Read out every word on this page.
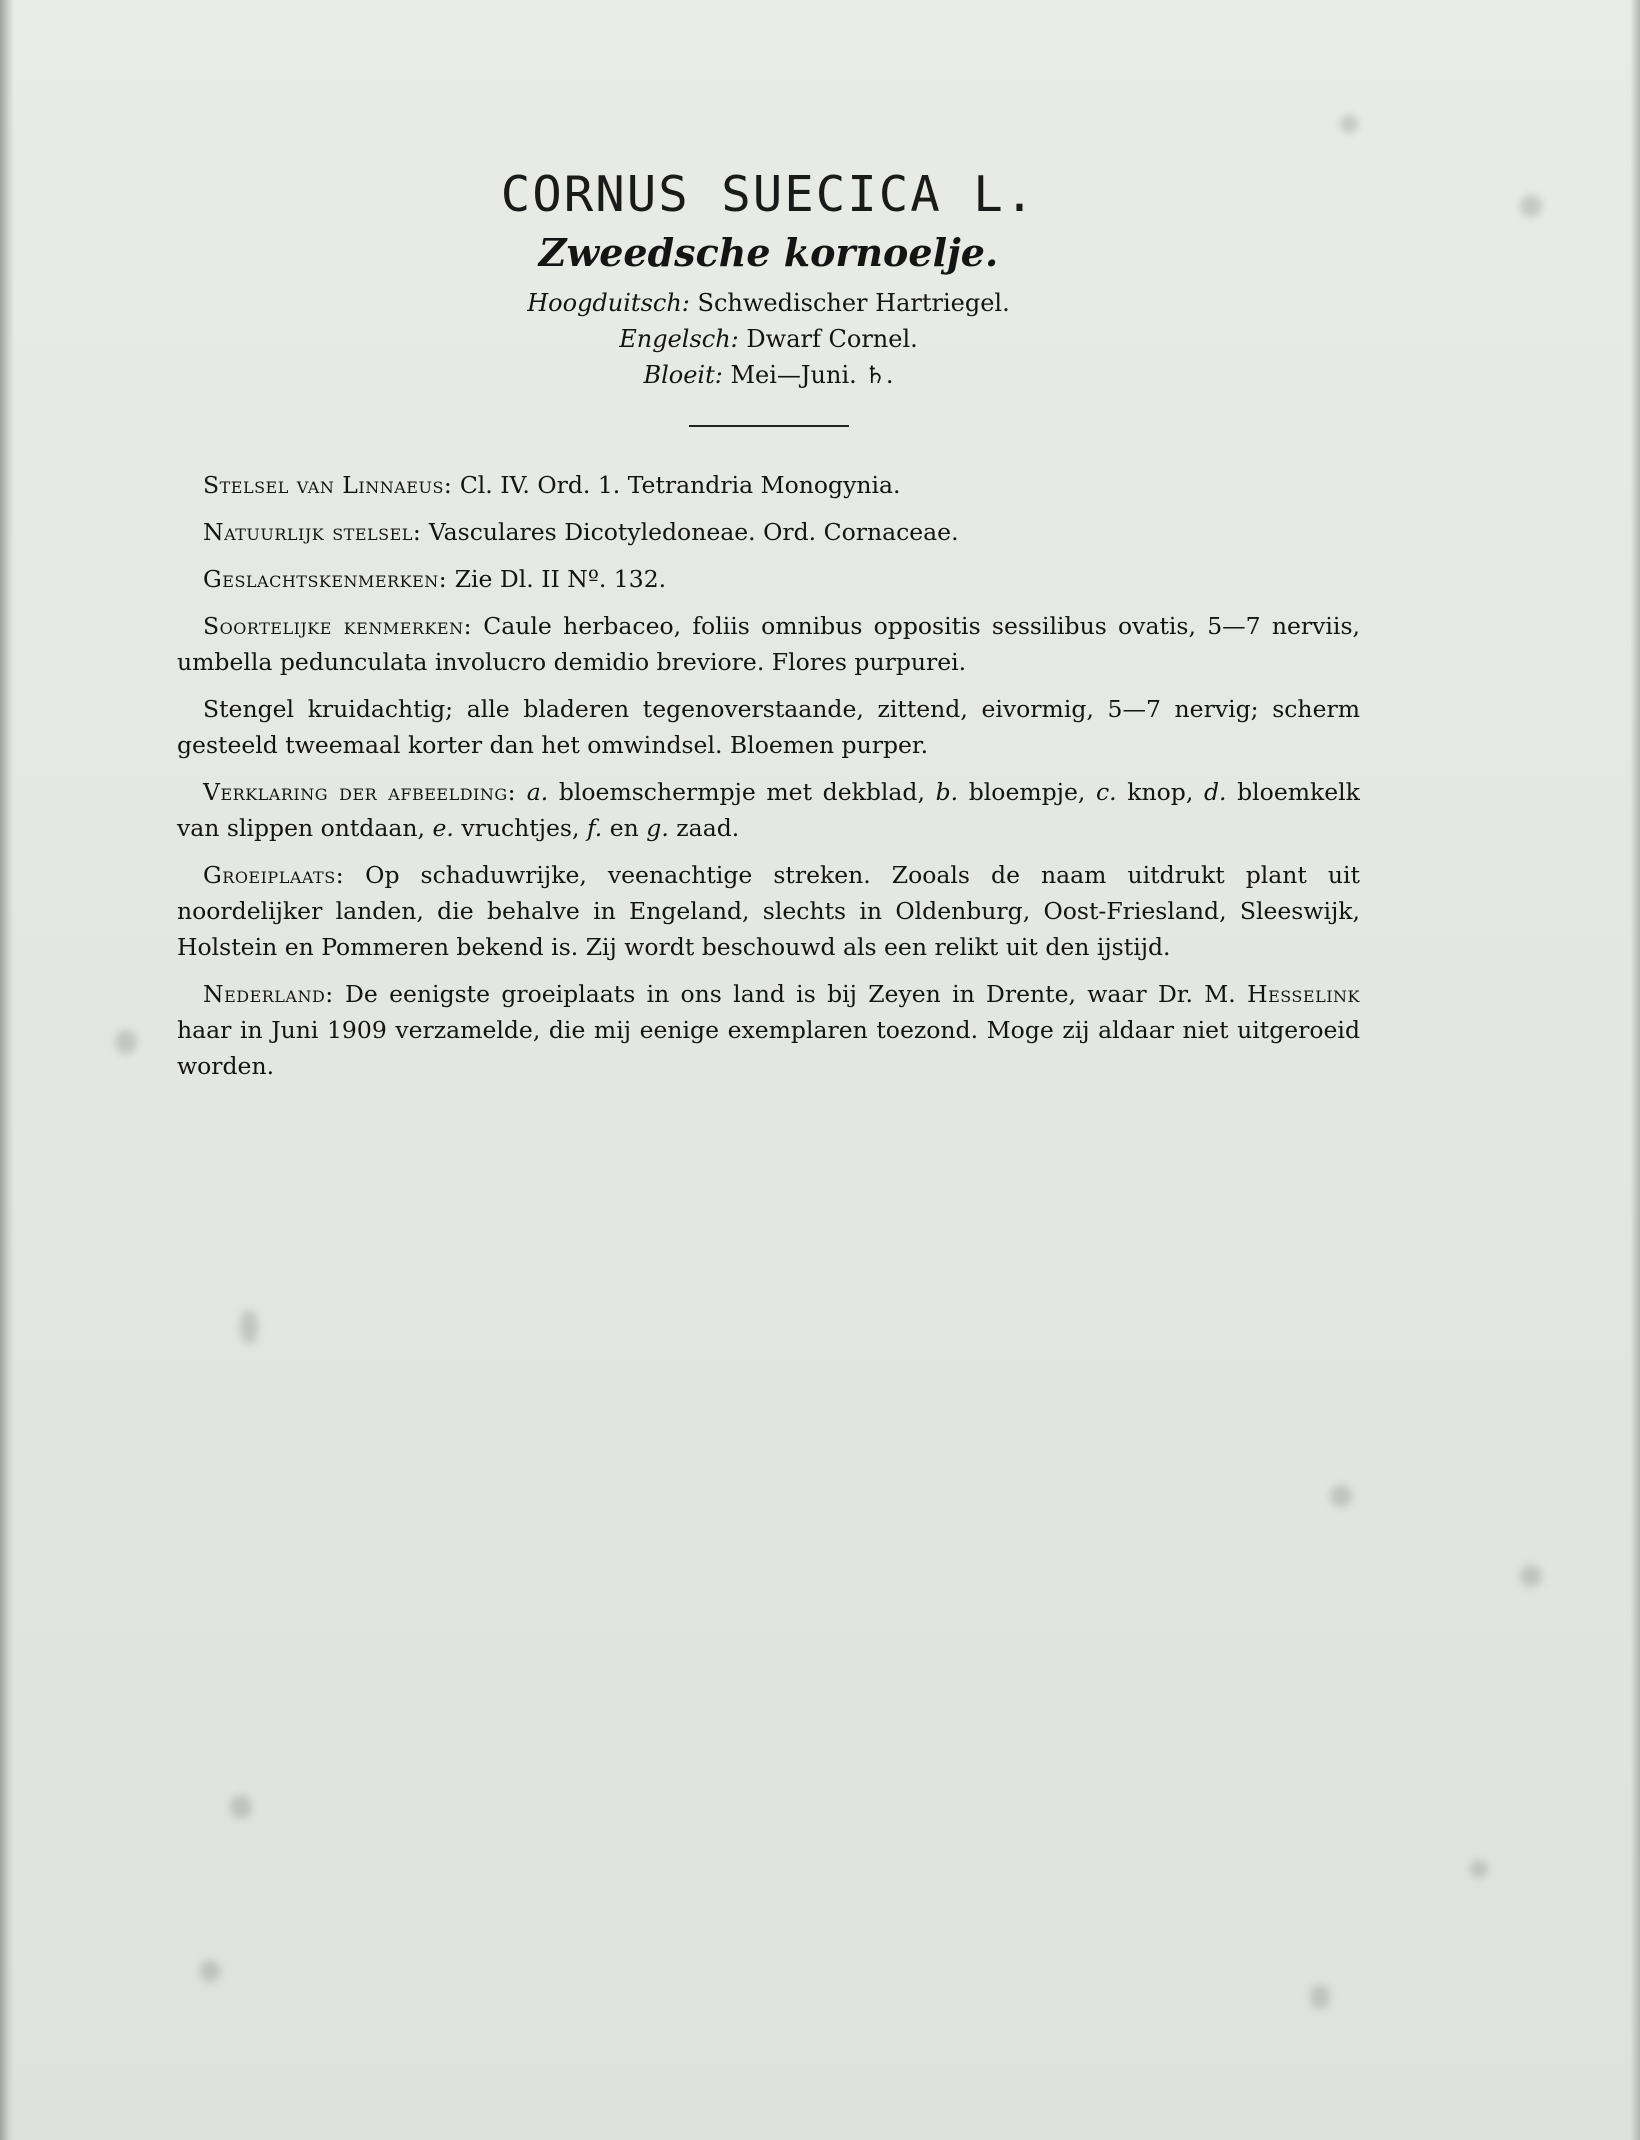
CORNUS SUECICA L.
Zweedsche kornoelje.
Hoogduitsch: Schwedischer Hartriegel.
Engelsch: Dwarf Cornel.
Bloeit: Mei—Juni. ♄.

Stelsel van Linnaeus: Cl. IV. Ord. 1. Tetrandria Monogynia.

Natuurlijk stelsel: Vasculares Dicotyledoneae. Ord. Cornaceae.

Geslachtskenmerken: Zie Dl. II Nº. 132.

Soortelijke kenmerken: Caule herbaceo, foliis omnibus oppositis sessilibus ovatis, 5—7 nerviis, umbella pedunculata involucro demidio breviore. Flores purpurei.

Stengel kruidachtig; alle bladeren tegenoverstaande, zittend, eivormig, 5—7 nervig; scherm gesteeld tweemaal korter dan het omwindsel. Bloemen purper.

Verklaring der afbeelding: a. bloemschermpje met dekblad, b. bloempje, c. knop, d. bloemkelk van slippen ontdaan, e. vruchtjes, f. en g. zaad.

Groeiplaats: Op schaduwrijke, veenachtige streken. Zooals de naam uitdrukt plant uit noordelijker landen, die behalve in Engeland, slechts in Oldenburg, Oost-Friesland, Sleeswijk, Holstein en Pommeren bekend is. Zij wordt beschouwd als een relikt uit den ijstijd.

Nederland: De eenigste groeiplaats in ons land is bij Zeyen in Drente, waar Dr. M. Hesselink haar in Juni 1909 verzamelde, die mij eenige exemplaren toezond. Moge zij aldaar niet uitgeroeid worden.
